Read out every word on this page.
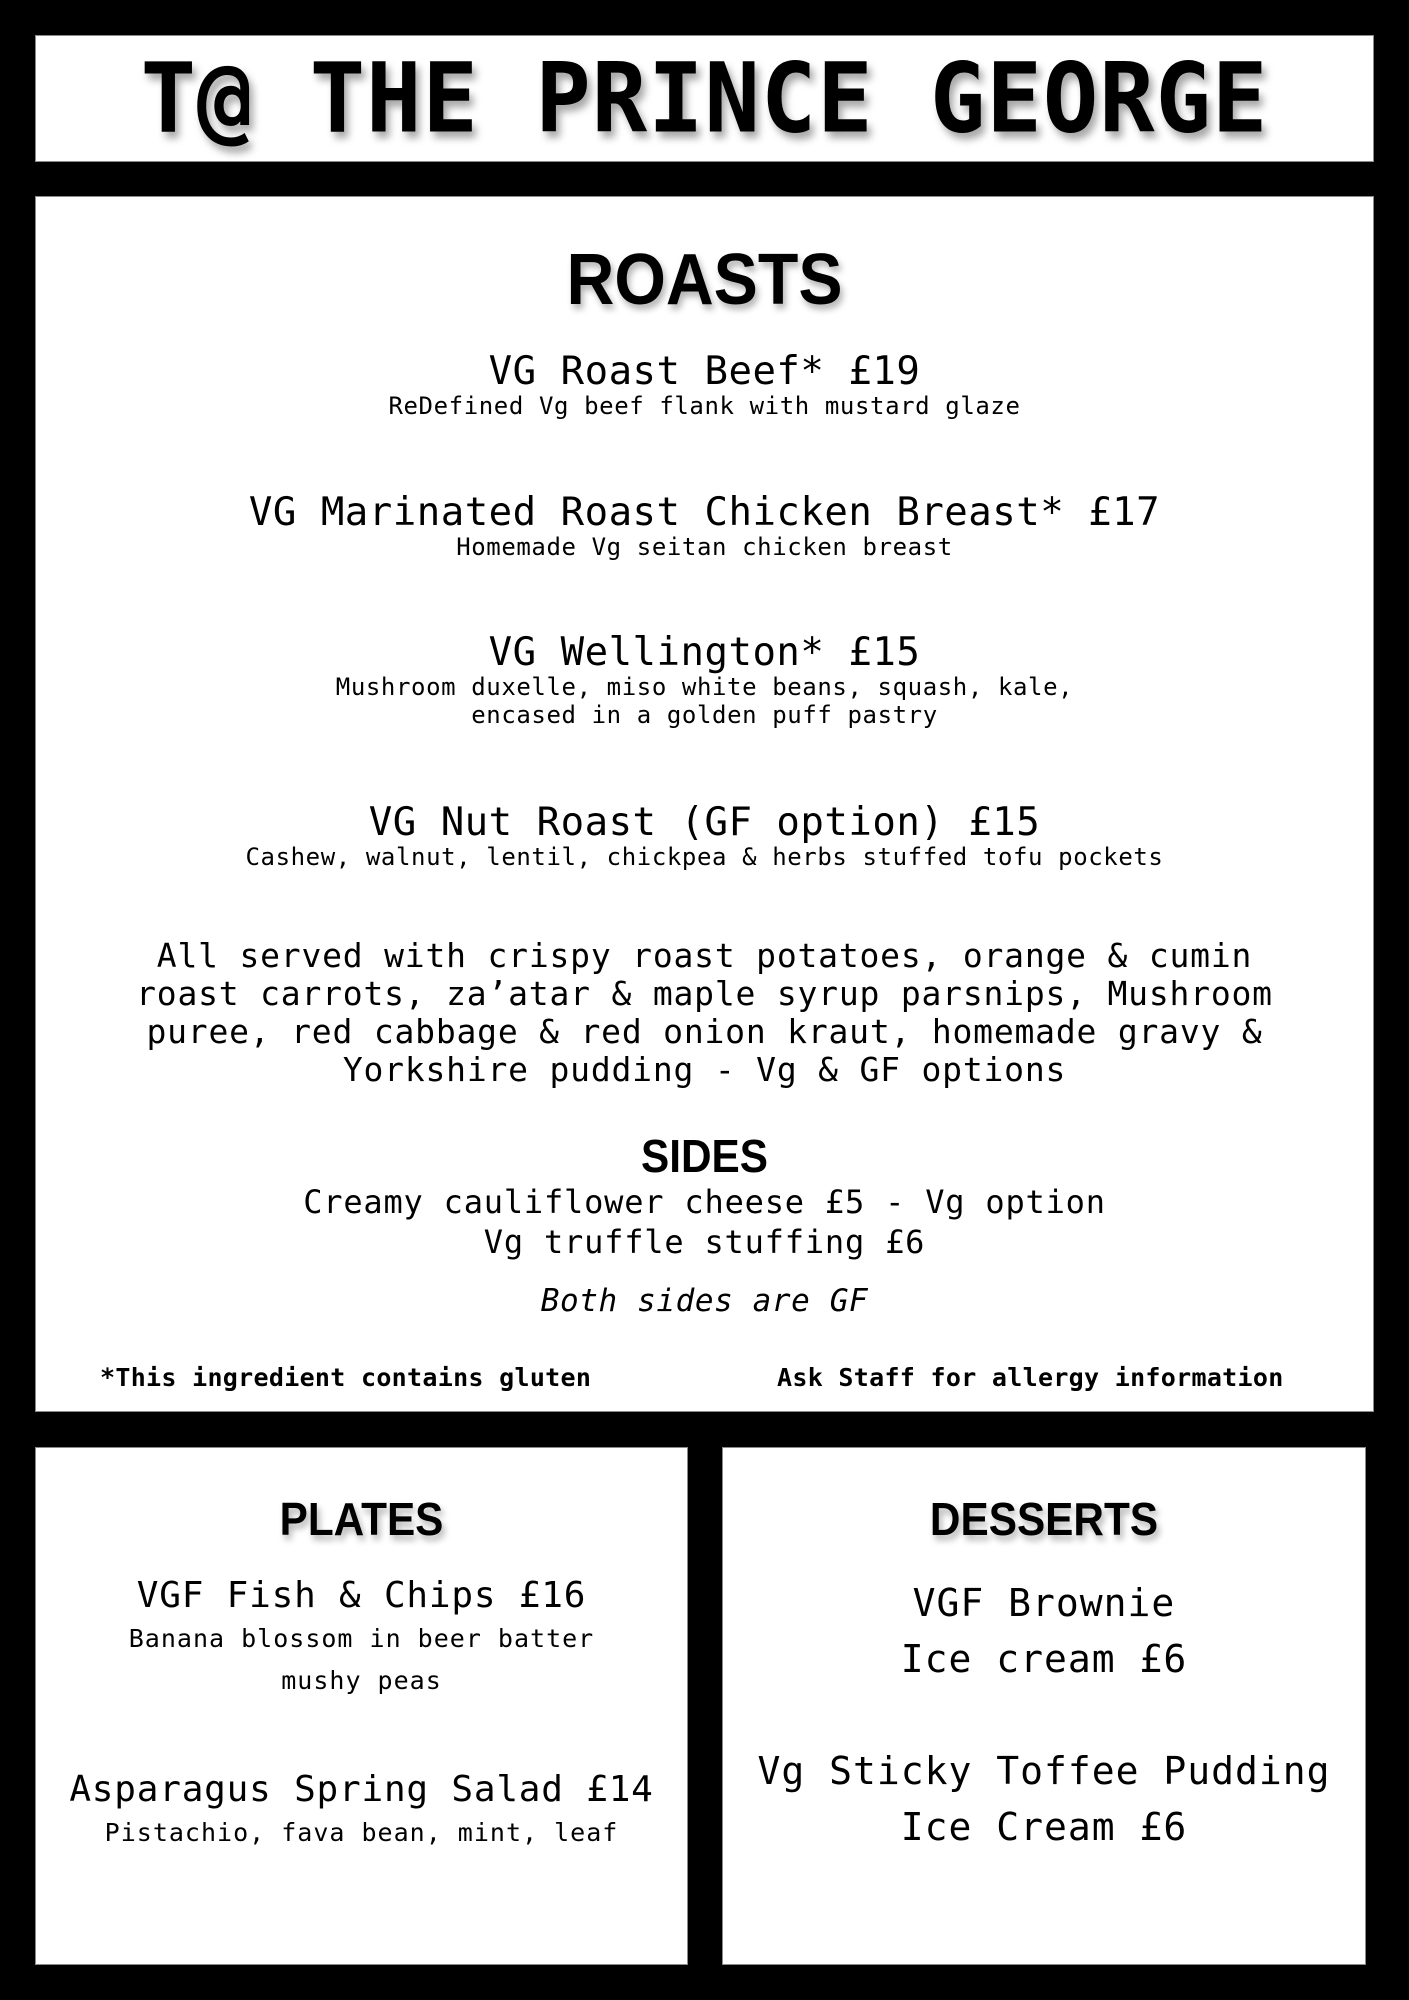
T@ THE PRINCE GEORGE
ROASTS
VG Roast Beef* £19
ReDefined Vg beef flank with mustard glaze
VG Marinated Roast Chicken Breast* £17
Homemade Vg seitan chicken breast
VG Wellington* £15
Mushroom duxelle, miso white beans, squash, kale,
encased in a golden puff pastry
VG Nut Roast (GF option) £15
Cashew, walnut, lentil, chickpea & herbs stuffed tofu pockets
All served with crispy roast potatoes, orange & cumin
roast carrots, za’atar & maple syrup parsnips, Mushroom
puree, red cabbage & red onion kraut, homemade gravy &
Yorkshire pudding - Vg & GF options
SIDES
Creamy cauliflower cheese £5 - Vg option
Vg truffle stuffing £6
Both sides are GF
*This ingredient contains gluten	Ask Staff for allergy information
PLATES
VGF Fish & Chips £16
Banana blossom in beer batter
mushy peas
Asparagus Spring Salad £14
Pistachio, fava bean, mint, leaf
DESSERTS
VGF Brownie
Ice cream £6
Vg Sticky Toffee Pudding
Ice Cream £6
